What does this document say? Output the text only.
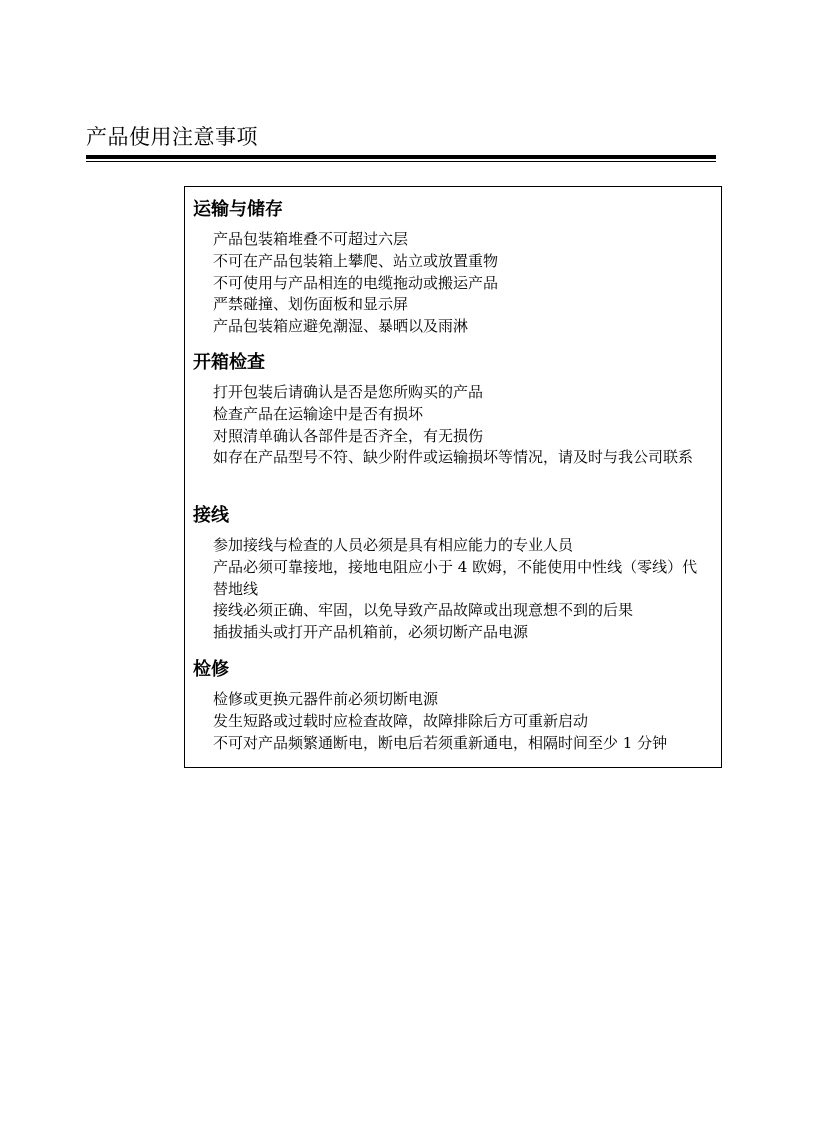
产品使用注意事项
运输与储存
产品包装箱堆叠不可超过六层
不可在产品包装箱上攀爬、站立或放置重物
不可使用与产品相连的电缆拖动或搬运产品
严禁碰撞、划伤面板和显示屏
产品包装箱应避免潮湿、暴晒以及雨淋
开箱检查
打开包装后请确认是否是您所购买的产品
检查产品在运输途中是否有损坏
对照清单确认各部件是否齐全，有无损伤
如存在产品型号不符、缺少附件或运输损坏等情况，请及时与我公司联系
接线
参加接线与检查的人员必须是具有相应能力的专业人员
产品必须可靠接地，接地电阻应小于 4 欧姆，不能使用中性线（零线）代替地线
接线必须正确、牢固，以免导致产品故障或出现意想不到的后果
插拔插头或打开产品机箱前，必须切断产品电源
检修
检修或更换元器件前必须切断电源
发生短路或过载时应检查故障，故障排除后方可重新启动
不可对产品频繁通断电，断电后若须重新通电，相隔时间至少 1 分钟
